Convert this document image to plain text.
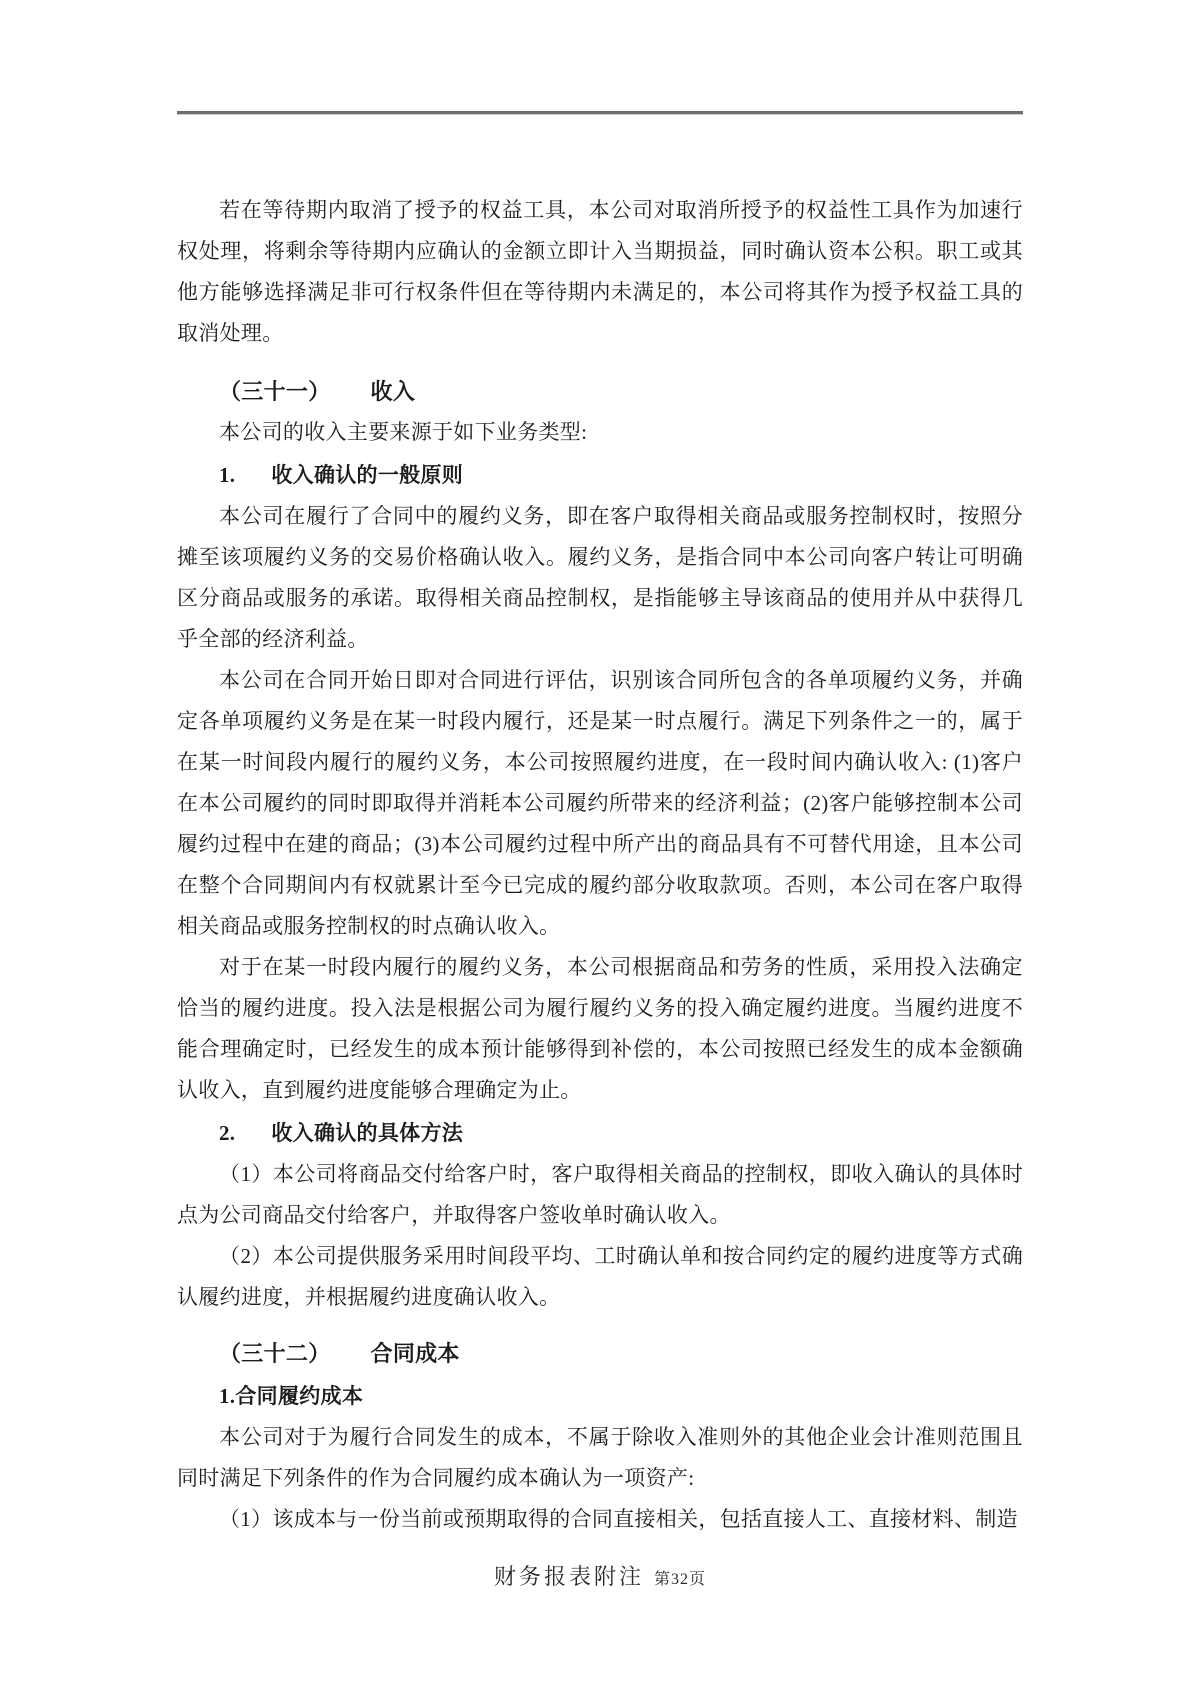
若在等待期内取消了授予的权益工具，本公司对取消所授予的权益性工具作为加速行权处理，将剩余等待期内应确认的金额立即计入当期损益，同时确认资本公积。职工或其他方能够选择满足非可行权条件但在等待期内未满足的，本公司将其作为授予权益工具的取消处理。

（三十一） 收入

本公司的收入主要来源于如下业务类型:

1. 收入确认的一般原则

本公司在履行了合同中的履约义务，即在客户取得相关商品或服务控制权时，按照分摊至该项履约义务的交易价格确认收入。履约义务，是指合同中本公司向客户转让可明确区分商品或服务的承诺。取得相关商品控制权，是指能够主导该商品的使用并从中获得几乎全部的经济利益。

本公司在合同开始日即对合同进行评估，识别该合同所包含的各单项履约义务，并确定各单项履约义务是在某一时段内履行，还是某一时点履行。满足下列条件之一的，属于在某一时间段内履行的履约义务，本公司按照履约进度，在一段时间内确认收入: (1)客户在本公司履约的同时即取得并消耗本公司履约所带来的经济利益；(2)客户能够控制本公司履约过程中在建的商品；(3)本公司履约过程中所产出的商品具有不可替代用途，且本公司在整个合同期间内有权就累计至今已完成的履约部分收取款项。否则，本公司在客户取得相关商品或服务控制权的时点确认收入。

对于在某一时段内履行的履约义务，本公司根据商品和劳务的性质，采用投入法确定恰当的履约进度。投入法是根据公司为履行履约义务的投入确定履约进度。当履约进度不能合理确定时，已经发生的成本预计能够得到补偿的，本公司按照已经发生的成本金额确认收入，直到履约进度能够合理确定为止。

2. 收入确认的具体方法

（1）本公司将商品交付给客户时，客户取得相关商品的控制权，即收入确认的具体时点为公司商品交付给客户，并取得客户签收单时确认收入。

（2）本公司提供服务采用时间段平均、工时确认单和按合同约定的履约进度等方式确认履约进度，并根据履约进度确认收入。

（三十二） 合同成本
1.合同履约成本

本公司对于为履行合同发生的成本，不属于除收入准则外的其他企业会计准则范围且同时满足下列条件的作为合同履约成本确认为一项资产:

（1）该成本与一份当前或预期取得的合同直接相关，包括直接人工、直接材料、制造

财务报表附注 第32页
